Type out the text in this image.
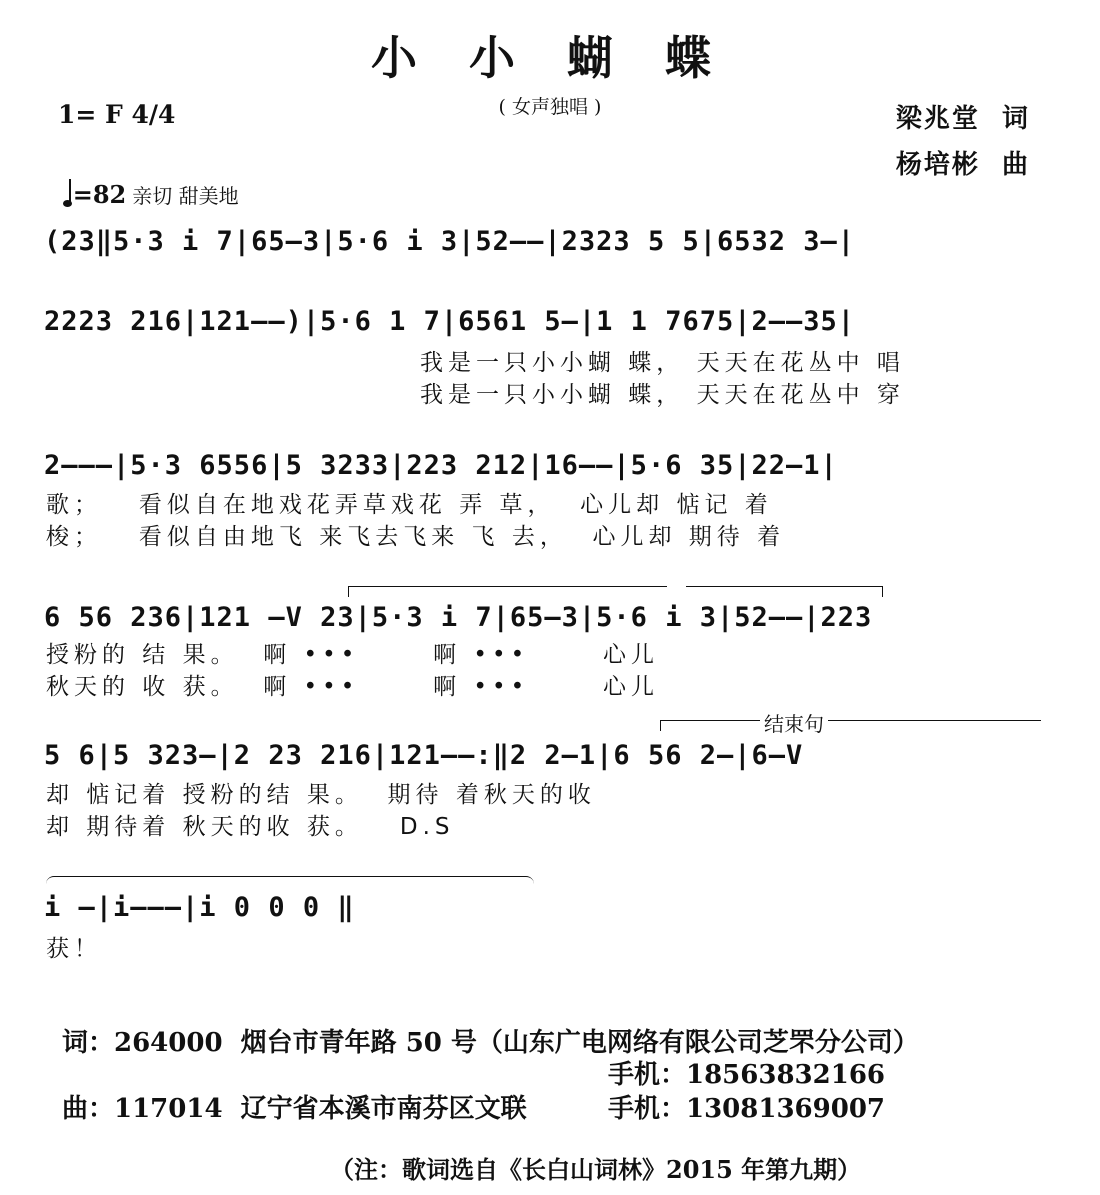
小 小 蝴 蝶
( 女声独唱 )
1= F 4/4

=82 亲切 甜美地

梁兆堂  词
杨培彬  曲
(23‖5·3 i 7|65—3|5·6 i 3|52——|2323 5 5|6532 3—|
2223 216|121——)|5·6 1 7|6561 5—|1 1 7675|2——35|
我是一只小小蝴 蝶， 天天在花丛中 唱
我是一只小小蝴 蝶， 天天在花丛中 穿
2———|5·3 6556|5 3233|223 212|16——|5·6 35|22—1|
歌；   看似自在地戏花弄草戏花 弄 草，  心儿却 惦记 着
梭；   看似自由地飞 来飞去飞来 飞 去，  心儿却 期待 着
6 56 236|121 —V 23|5·3 i 7|65—3|5·6 i 3|52——|223
授粉的 结 果。  啊 •••      啊 •••      心儿
秋天的 收 获。  啊 •••      啊 •••      心儿
结束句
5 6|5 323—|2 23 216|121——:‖2 2—1|6 56 2—|6—V
却 惦记着 授粉的结 果。  期待 着秋天的收
却 期待着 秋天的收 获。   D.S
i —|i———|i 0 0 0 ‖
获！
词：264000  烟台市青年路 50 号（山东广电网络有限公司芝罘分公司）
手机：18563832166
曲：117014  辽宁省本溪市南芬区文联	手机：13081369007
（注：歌词选自《长白山词林》2015 年第九期）
